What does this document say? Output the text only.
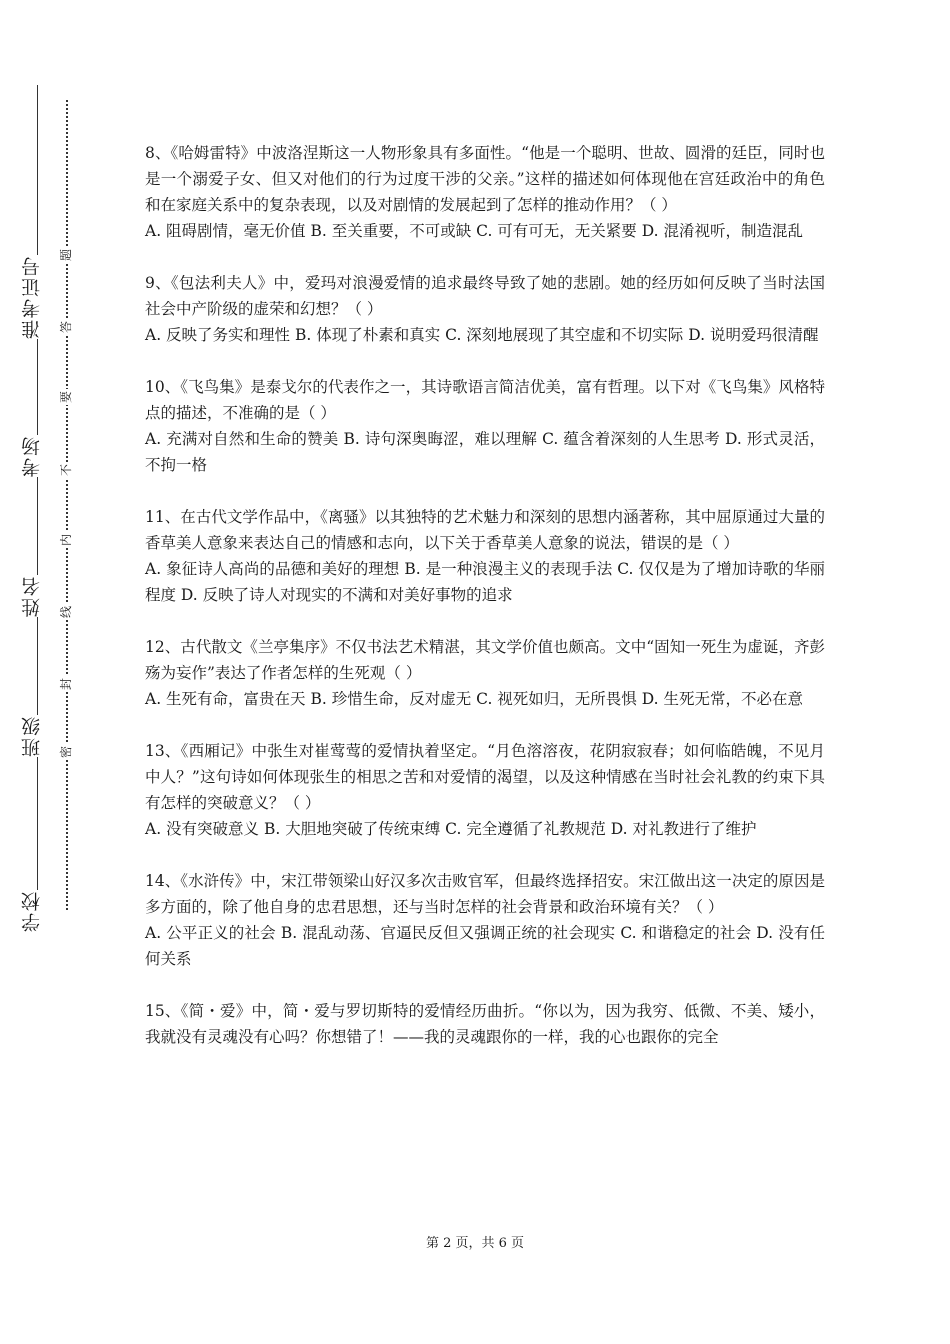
学校
班级
姓名
考场
准考证号
密
封
线
内
不
要
答
题

8、《哈姆雷特》中波洛涅斯这一人物形象具有多面性。“他是一个聪明、世故、圆滑的廷臣，同时也是一个溺爱子女、但又对他们的行为过度干涉的父亲。”这样的描述如何体现他在宫廷政治中的角色和在家庭关系中的复杂表现，以及对剧情的发展起到了怎样的推动作用？（ ）

A. 阻碍剧情，毫无价值 B. 至关重要，不可或缺 C. 可有可无，无关紧要 D. 混淆视听，制造混乱

9、《包法利夫人》中，爱玛对浪漫爱情的追求最终导致了她的悲剧。她的经历如何反映了当时法国社会中产阶级的虚荣和幻想？（ ）

A. 反映了务实和理性 B. 体现了朴素和真实 C. 深刻地展现了其空虚和不切实际 D. 说明爱玛很清醒

10、《飞鸟集》是泰戈尔的代表作之一，其诗歌语言简洁优美，富有哲理。以下对《飞鸟集》风格特点的描述，不准确的是（ ）

A. 充满对自然和生命的赞美 B. 诗句深奥晦涩，难以理解 C. 蕴含着深刻的人生思考 D. 形式灵活，不拘一格

11、在古代文学作品中，《离骚》以其独特的艺术魅力和深刻的思想内涵著称，其中屈原通过大量的香草美人意象来表达自己的情感和志向，以下关于香草美人意象的说法，错误的是（ ）

A. 象征诗人高尚的品德和美好的理想 B. 是一种浪漫主义的表现手法 C. 仅仅是为了增加诗歌的华丽程度 D. 反映了诗人对现实的不满和对美好事物的追求

12、古代散文《兰亭集序》不仅书法艺术精湛，其文学价值也颇高。文中“固知一死生为虚诞，齐彭殇为妄作”表达了作者怎样的生死观（ ）

A. 生死有命，富贵在天 B. 珍惜生命，反对虚无 C. 视死如归，无所畏惧 D. 生死无常，不必在意

13、《西厢记》中张生对崔莺莺的爱情执着坚定。“月色溶溶夜，花阴寂寂春；如何临皓魄，不见月中人？”这句诗如何体现张生的相思之苦和对爱情的渴望，以及这种情感在当时社会礼教的约束下具有怎样的突破意义？（ ）

A. 没有突破意义 B. 大胆地突破了传统束缚 C. 完全遵循了礼教规范 D. 对礼教进行了维护

14、《水浒传》中，宋江带领梁山好汉多次击败官军，但最终选择招安。宋江做出这一决定的原因是多方面的，除了他自身的忠君思想，还与当时怎样的社会背景和政治环境有关？（ ）

A. 公平正义的社会 B. 混乱动荡、官逼民反但又强调正统的社会现实 C. 和谐稳定的社会 D. 没有任何关系

15、《简・爱》中，简・爱与罗切斯特的爱情经历曲折。“你以为，因为我穷、低微、不美、矮小，我就没有灵魂没有心吗？你想错了！——我的灵魂跟你的一样，我的心也跟你的完全

第 2 页，共 6 页
